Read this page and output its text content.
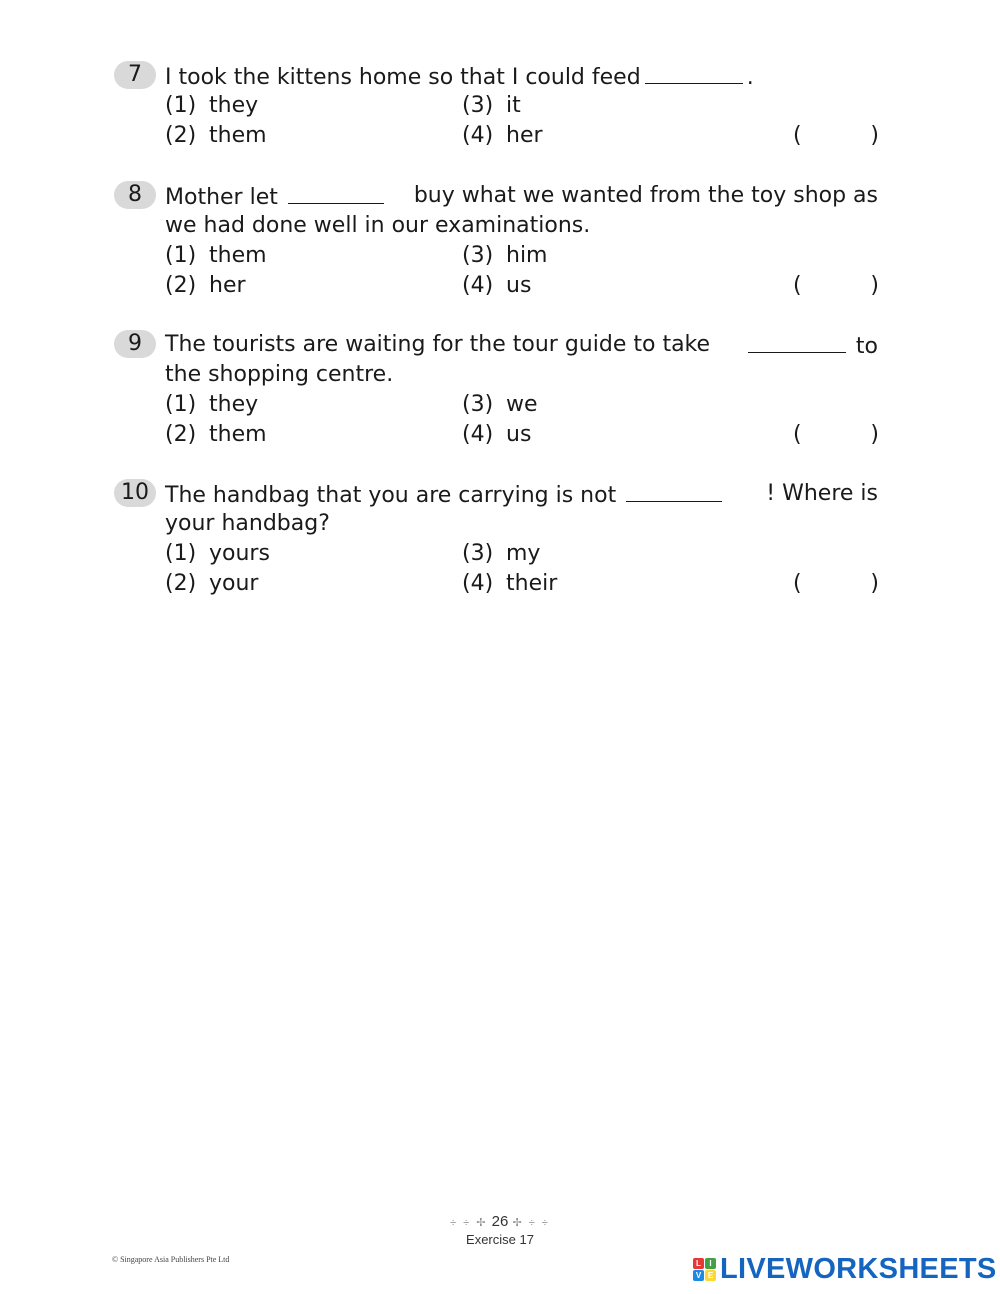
7	I took the kittens home so that I could feed	.
(1) they
(2) them
(3) it
(4) her	(	)
8	Mother let	buy what we wanted from the toy shop as
we had done well in our examinations.
(1) them
(2) her
(3) him
(4) us	(	)
9	The tourists are waiting for the tour guide to take	to
the shopping centre.
(1) they
(2) them
(3) we
(4) us	(	)
10 The handbag that you are carrying is not	! Where is
your handbag?
(1) yours
(2) your
(3) my
(4) their	(	)
÷ ÷ ✢ 26 ✢ ÷ ÷
Exercise 17
© Singapore Asia Publishers Pte Ltd	L	I
V E LIVEWORKSHEETS
